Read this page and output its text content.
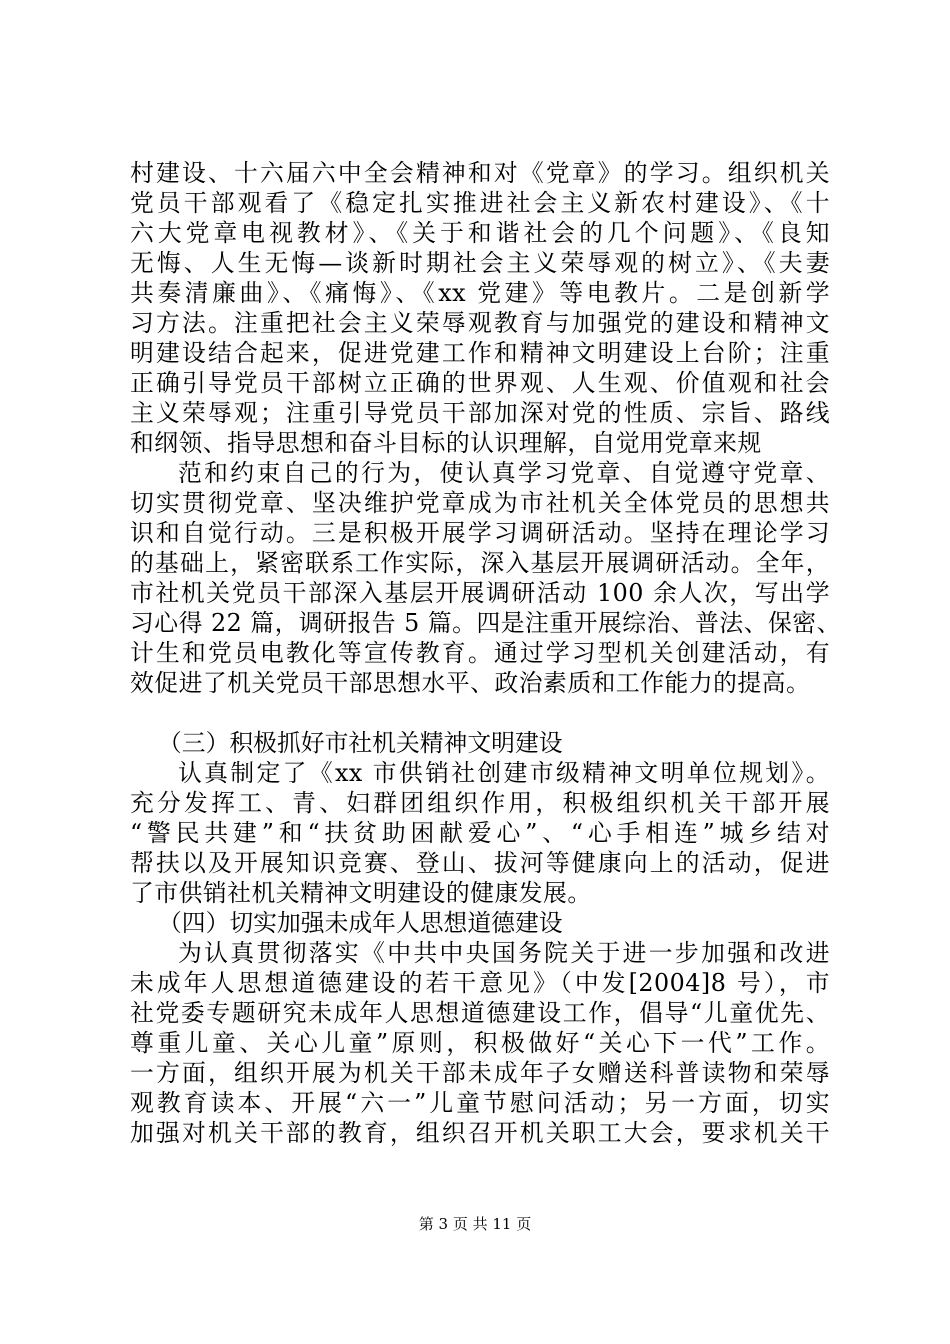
村建设、十六届六中全会精神和对《党章》的学习。组织机关
党员干部观看了《稳定扎实推进社会主义新农村建设》、《十
六大党章电视教材》、《关于和谐社会的几个问题》、《良知
无悔、人生无悔—谈新时期社会主义荣辱观的树立》、《夫妻
共奏清廉曲》、《痛悔》、《xx 党建》等电教片。二是创新学
习方法。注重把社会主义荣辱观教育与加强党的建设和精神文
明建设结合起来，促进党建工作和精神文明建设上台阶；注重
正确引导党员干部树立正确的世界观、人生观、价值观和社会
主义荣辱观；注重引导党员干部加深对党的性质、宗旨、路线
和纲领、指导思想和奋斗目标的认识理解，自觉用党章来规
范和约束自己的行为，使认真学习党章、自觉遵守党章、
切实贯彻党章、坚决维护党章成为市社机关全体党员的思想共
识和自觉行动。三是积极开展学习调研活动。坚持在理论学习
的基础上，紧密联系工作实际，深入基层开展调研活动。全年，
市社机关党员干部深入基层开展调研活动 100 余人次，写出学
习心得 22 篇，调研报告 5 篇。四是注重开展综治、普法、保密、
计生和党员电教化等宣传教育。通过学习型机关创建活动，有
效促进了机关党员干部思想水平、政治素质和工作能力的提高。
（三）积极抓好市社机关精神文明建设
认真制定了《xx 市供销社创建市级精神文明单位规划》。
充分发挥工、青、妇群团组织作用，积极组织机关干部开展
“警民共建”和“扶贫助困献爱心”、“心手相连”城乡结对
帮扶以及开展知识竞赛、登山、拔河等健康向上的活动，促进
了市供销社机关精神文明建设的健康发展。
（四）切实加强未成年人思想道德建设
为认真贯彻落实《中共中央国务院关于进一步加强和改进
未成年人思想道德建设的若干意见》（中发[2004]8 号），市
社党委专题研究未成年人思想道德建设工作，倡导“儿童优先、
尊重儿童、关心儿童”原则，积极做好“关心下一代”工作。
一方面，组织开展为机关干部未成年子女赠送科普读物和荣辱
观教育读本、开展“六一”儿童节慰问活动；另一方面，切实
加强对机关干部的教育，组织召开机关职工大会，要求机关干
第 3 页 共 11 页
